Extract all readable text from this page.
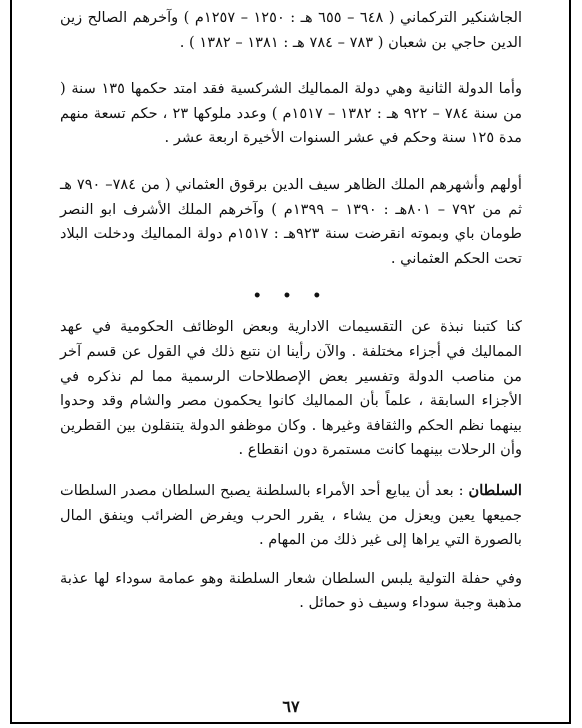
الجاشنكير التركماني ( ٦٤٨ – ٦٥٥ هـ : ١٢٥٠ – ١٢٥٧م ) وآخرهم الصالح زين الدين حاجي بن شعبان ( ٧٨٣ – ٧٨٤ هـ : ١٣٨١ – ١٣٨٢ ) .

وأما الدولة الثانية وهي دولة المماليك الشركسية فقد امتد حكمها ١٣٥ سنة ( من سنة ٧٨٤ – ٩٢٢ هـ : ١٣٨٢ – ١٥١٧م ) وعدد ملوكها ٢٣ ، حكم تسعة منهم مدة ١٢٥ سنة وحكم في عشر السنوات الأخيرة اربعة عشر .

أولهم وأشهرهم الملك الظاهر سيف الدين برقوق العثماني ( من ٧٨٤– ٧٩٠ هـ ثم من ٧٩٢ – ٨٠١هـ : ١٣٩٠ – ١٣٩٩م ) وآخرهم الملك الأشرف ابو النصر طومان باي وبموته انقرضت سنة ٩٢٣هـ : ١٥١٧م دولة المماليك ودخلت البلاد تحت الحكم العثماني .

• • •

كنا كتبنا نبذة عن التقسيمات الادارية وبعض الوظائف الحكومية في عهد المماليك في أجزاء مختلفة . والآن رأينا ان نتبع ذلك في القول عن قسم آخر من مناصب الدولة وتفسير بعض الإصطلاحات الرسمية مما لم نذكره في الأجزاء السابقة ، علماً بأن المماليك كانوا يحكمون مصر والشام وقد وحدوا بينهما نظم الحكم والثقافة وغيرها . وكان موظفو الدولة يتنقلون بين القطرين وأن الرحلات بينهما كانت مستمرة دون انقطاع .

السلطان : بعد أن يبايع أحد الأمراء بالسلطنة يصبح السلطان مصدر السلطات جميعها يعين ويعزل من يشاء ، يقرر الحرب ويفرض الضرائب وينفق المال بالصورة التي يراها إلى غير ذلك من المهام .

وفي حفلة التولية يلبس السلطان شعار السلطنة وهو عمامة سوداء لها عذبة مذهبة وجبة سوداء وسيف ذو حمائل .

٦٧
